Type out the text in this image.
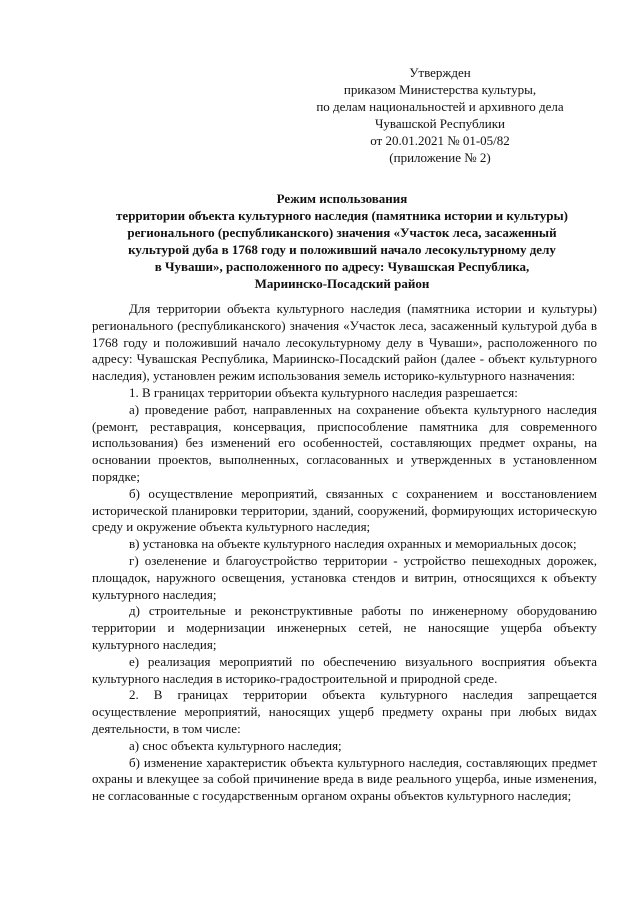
Утвержден
приказом Министерства культуры,
по делам национальностей и архивного дела
Чувашской Республики
от 20.01.2021 № 01-05/82
(приложение № 2)
Режим использования
территории объекта культурного наследия (памятника истории и культуры)
регионального (республиканского) значения «Участок леса, засаженный
культурой дуба в 1768 году и положивший начало лесокультурному делу
в Чуваши», расположенного по адресу: Чувашская Республика,
Мариинско-Посадский район

Для территории объекта культурного наследия (памятника истории и культуры) регионального (республиканского) значения «Участок леса, засаженный культурой дуба в 1768 году и положивший начало лесокультурному делу в Чуваши», расположенного по адресу: Чувашская Республика, Мариинско-Посадский район (далее - объект культурного наследия), установлен режим использования земель историко-культурного назначения:

1. В границах территории объекта культурного наследия разрешается:

а) проведение работ, направленных на сохранение объекта культурного наследия (ремонт, реставрация, консервация, приспособление памятника для современного использования) без изменений его особенностей, составляющих предмет охраны, на основании проектов, выполненных, согласованных и утвержденных в установленном порядке;

б) осуществление мероприятий, связанных с сохранением и восстановлением исторической планировки территории, зданий, сооружений, формирующих историческую среду и окружение объекта культурного наследия;

в) установка на объекте культурного наследия охранных и мемориальных досок;

г) озеленение и благоустройство территории - устройство пешеходных дорожек, площадок, наружного освещения, установка стендов и витрин, относящихся к объекту культурного наследия;

д) строительные и реконструктивные работы по инженерному оборудованию территории и модернизации инженерных сетей, не наносящие ущерба объекту культурного наследия;

е) реализация мероприятий по обеспечению визуального восприятия объекта культурного наследия в историко-градостроительной и природной среде.

2. В границах территории объекта культурного наследия запрещается осуществление мероприятий, наносящих ущерб предмету охраны при любых видах деятельности, в том числе:

а) снос объекта культурного наследия;

б) изменение характеристик объекта культурного наследия, составляющих предмет охраны и влекущее за собой причинение вреда в виде реального ущерба, иные изменения, не согласованные с государственным органом охраны объектов культурного наследия;
